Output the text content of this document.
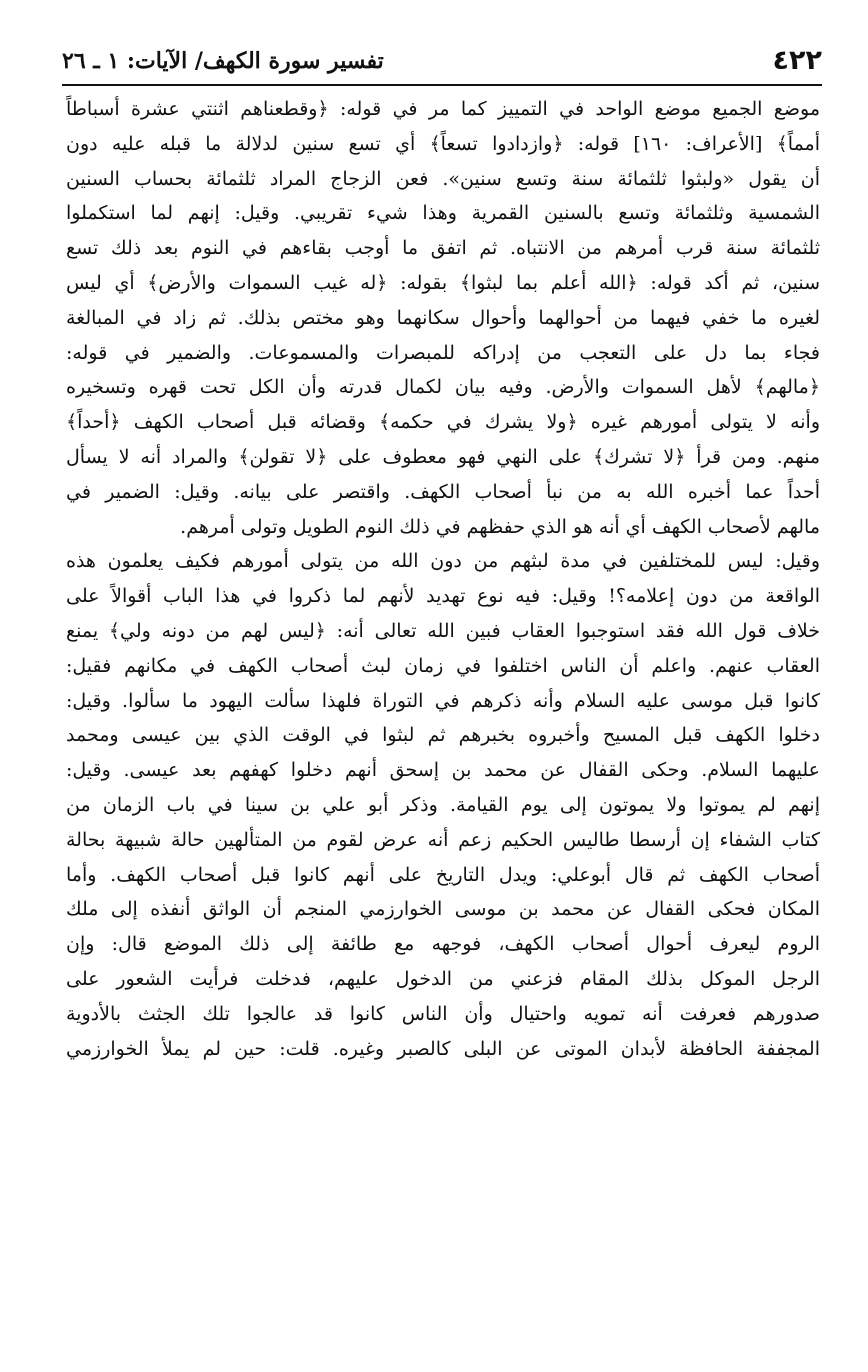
٤٢٢
تفسير سورة الكهف/ الآيات: ١ ـ ٢٦
موضع الجميع موضع الواحد في التمييز كما مر في قوله: ﴿وقطعناهم اثنتي عشرة أسباطاً
أمماً﴾ [الأعراف: ١٦٠] قوله: ﴿وازدادوا تسعاً﴾ أي تسع سنين لدلالة ما قبله عليه دون
أن يقول «ولبثوا ثلثمائة سنة وتسع سنين». فعن الزجاج المراد ثلثمائة بحساب السنين
الشمسية وثلثمائة وتسع بالسنين القمرية وهذا شيء تقريبي. وقيل: إنهم لما استكملوا
ثلثمائة سنة قرب أمرهم من الانتباه. ثم اتفق ما أوجب بقاءهم في النوم بعد ذلك تسع
سنين، ثم أكد قوله: ﴿الله أعلم بما لبثوا﴾ بقوله: ﴿له غيب السموات والأرض﴾ أي ليس
لغيره ما خفي فيهما من أحوالهما وأحوال سكانهما وهو مختص بذلك. ثم زاد في المبالغة
فجاء بما دل على التعجب من إدراكه للمبصرات والمسموعات. والضمير في قوله:
﴿مالهم﴾ لأهل السموات والأرض. وفيه بيان لكمال قدرته وأن الكل تحت قهره وتسخيره
وأنه لا يتولى أمورهم غيره ﴿ولا يشرك في حكمه﴾ وقضائه قبل أصحاب الكهف ﴿أحداً﴾
منهم. ومن قرأ ﴿لا تشرك﴾ على النهي فهو معطوف على ﴿لا تقولن﴾ والمراد أنه لا يسأل
أحداً عما أخبره الله به من نبأ أصحاب الكهف. واقتصر على بيانه. وقيل: الضمير في
مالهم لأصحاب الكهف أي أنه هو الذي حفظهم في ذلك النوم الطويل وتولى أمرهم.
وقيل: ليس للمختلفين في مدة لبثهم من دون الله من يتولى أمورهم فكيف يعلمون هذه
الواقعة من دون إعلامه؟! وقيل: فيه نوع تهديد لأنهم لما ذكروا في هذا الباب أقوالاً على
خلاف قول الله فقد استوجبوا العقاب فبين الله تعالى أنه: ﴿ليس لهم من دونه ولي﴾ يمنع
العقاب عنهم. واعلم أن الناس اختلفوا في زمان لبث أصحاب الكهف في مكانهم فقيل:
كانوا قبل موسى عليه السلام وأنه ذكرهم في التوراة فلهذا سألت اليهود ما سألوا. وقيل:
دخلوا الكهف قبل المسيح وأخبروه بخبرهم ثم لبثوا في الوقت الذي بين عيسى ومحمد
عليهما السلام. وحكى القفال عن محمد بن إسحق أنهم دخلوا كهفهم بعد عيسى. وقيل:
إنهم لم يموتوا ولا يموتون إلى يوم القيامة. وذكر أبو علي بن سينا في باب الزمان من
كتاب الشفاء إن أرسطا طاليس الحكيم زعم أنه عرض لقوم من المتألهين حالة شبيهة بحالة
أصحاب الكهف ثم قال أبوعلي: ويدل التاريخ على أنهم كانوا قبل أصحاب الكهف. وأما
المكان فحكى القفال عن محمد بن موسى الخوارزمي المنجم أن الواثق أنفذه إلى ملك
الروم ليعرف أحوال أصحاب الكهف، فوجهه مع طائفة إلى ذلك الموضع قال: وإن
الرجل الموكل بذلك المقام فزعني من الدخول عليهم، فدخلت فرأيت الشعور على
صدورهم فعرفت أنه تمويه واحتيال وأن الناس كانوا قد عالجوا تلك الجثث بالأدوية
المجففة الحافظة لأبدان الموتى عن البلى كالصبر وغيره. قلت: حين لم يملأ الخوارزمي
